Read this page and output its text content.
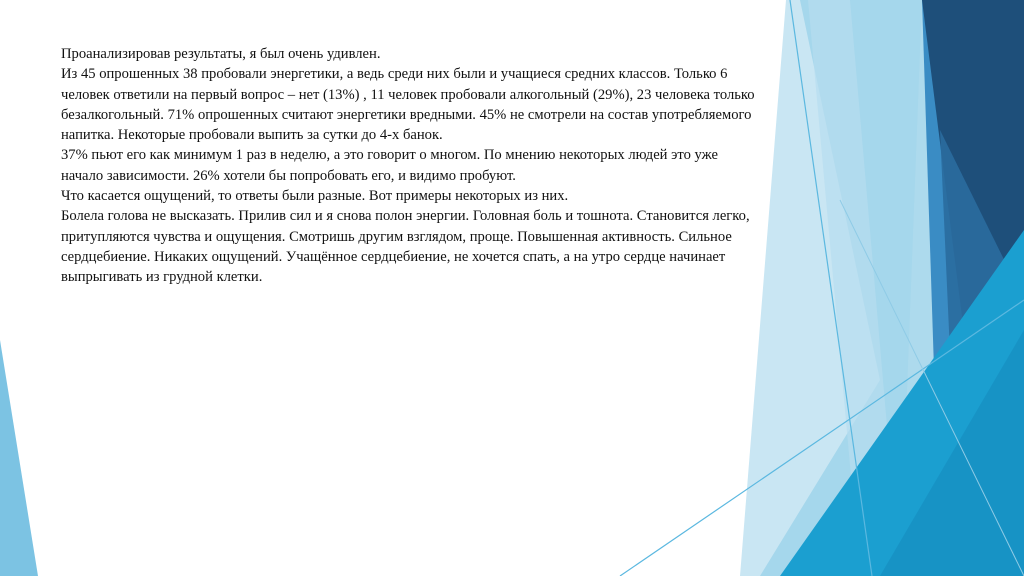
Проанализировав результаты, я был очень удивлен.

Из 45 опрошенных 38 пробовали энергетики, а ведь среди них были и учащиеся средних классов. Только 6 человек ответили на первый вопрос – нет (13%) , 11 человек пробовали алкогольный (29%), 23 человека только безалкогольный. 71% опрошенных считают энергетики вредными. 45% не смотрели на состав употребляемого напитка. Некоторые пробовали выпить за сутки до 4-х банок.

37% пьют его как минимум 1 раз в неделю, а это говорит о многом. По мнению некоторых людей это уже начало зависимости. 26% хотели бы попробовать его, и видимо пробуют.

Что касается ощущений, то ответы были разные. Вот примеры некоторых из них.

Болела голова не высказать. Прилив сил и я снова полон энергии. Головная боль и тошнота. Становится легко, притупляются чувства и ощущения. Смотришь другим взглядом, проще. Повышенная активность. Сильное сердцебиение. Никаких ощущений. Учащённое сердцебиение, не хочется спать, а на утро сердце начинает выпрыгивать из грудной клетки.
